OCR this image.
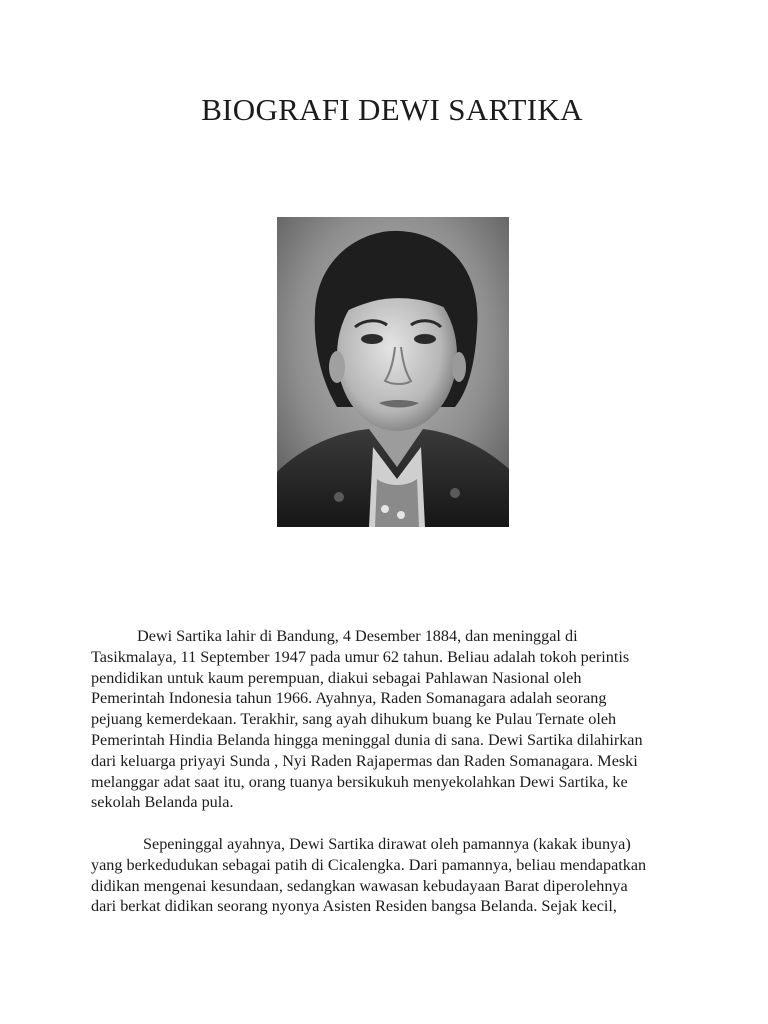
BIOGRAFI DEWI SARTIKA

Dewi Sartika lahir di Bandung, 4 Desember 1884, dan meninggal di
Tasikmalaya, 11 September 1947 pada umur 62 tahun. Beliau adalah tokoh perintis
pendidikan untuk kaum perempuan, diakui sebagai Pahlawan Nasional oleh
Pemerintah Indonesia tahun 1966. Ayahnya, Raden Somanagara adalah seorang
pejuang kemerdekaan. Terakhir, sang ayah dihukum buang ke Pulau Ternate oleh
Pemerintah Hindia Belanda hingga meninggal dunia di sana. Dewi Sartika dilahirkan
dari keluarga priyayi Sunda , Nyi Raden Rajapermas dan Raden Somanagara. Meski
melanggar adat saat itu, orang tuanya bersikukuh menyekolahkan Dewi Sartika, ke
sekolah Belanda pula.

Sepeninggal ayahnya, Dewi Sartika dirawat oleh pamannya (kakak ibunya)
yang berkedudukan sebagai patih di Cicalengka. Dari pamannya, beliau mendapatkan
didikan mengenai kesundaan, sedangkan wawasan kebudayaan Barat diperolehnya
dari berkat didikan seorang nyonya Asisten Residen bangsa Belanda. Sejak kecil,
